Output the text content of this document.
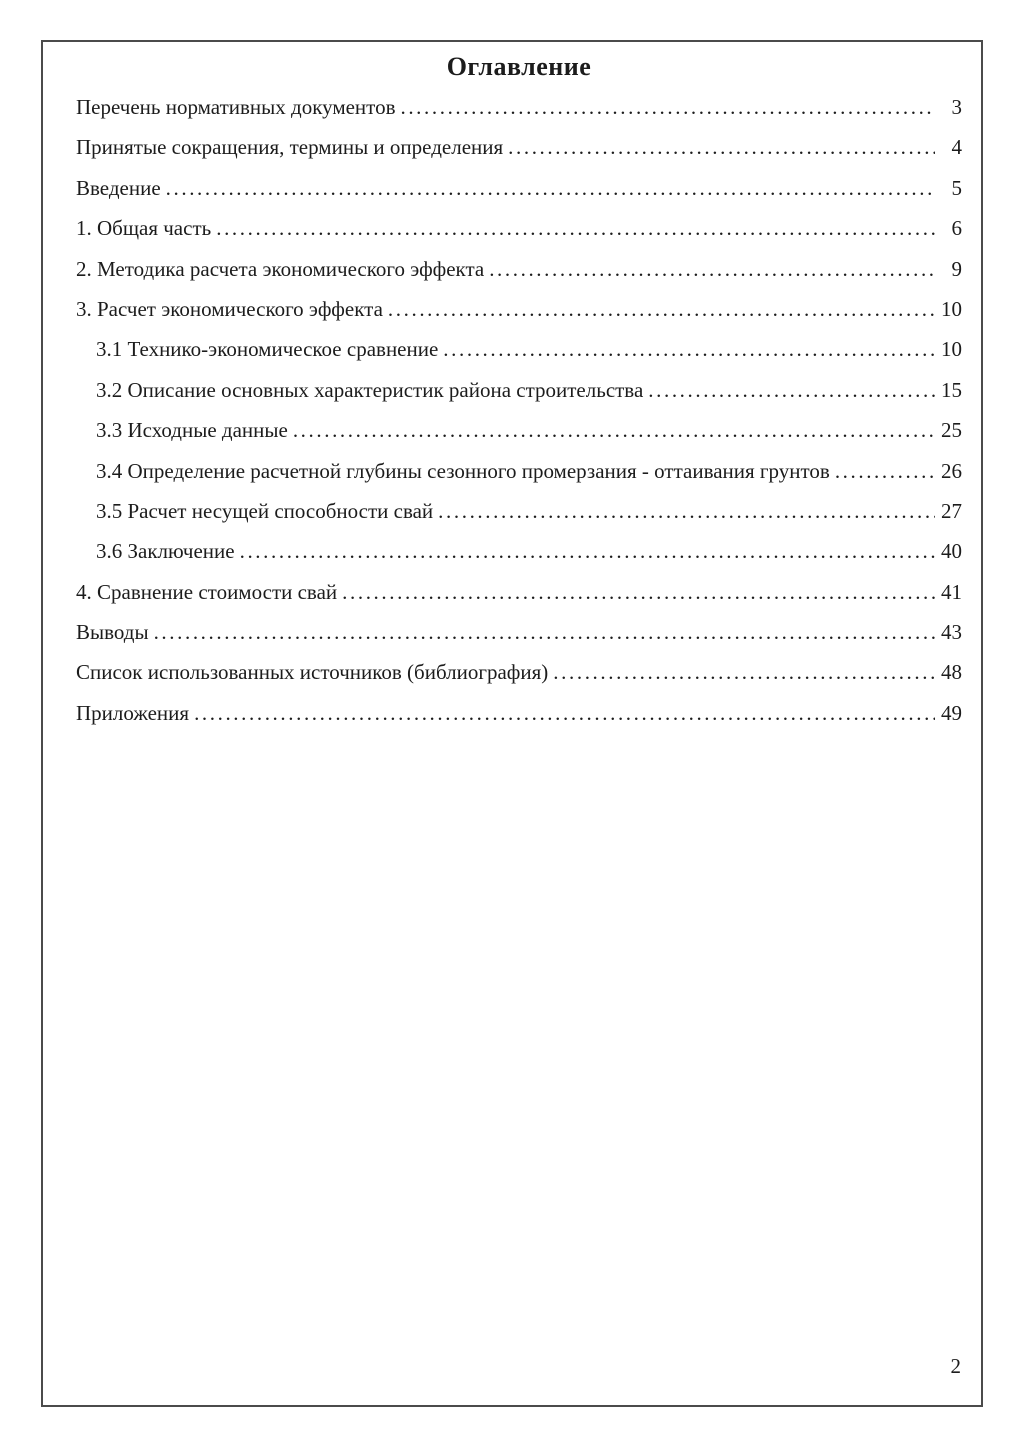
Оглавление
Перечень нормативных документов .....	3
Принятые сокращения, термины и определения .....	4
Введение .....	5
1. Общая часть .....	6
2. Методика расчета экономического эффекта .....	9
3. Расчет экономического эффекта .....	10
3.1 Технико-экономическое сравнение .....	10
3.2 Описание основных характеристик района строительства .....	15
3.3 Исходные данные .....	25
3.4 Определение расчетной глубины сезонного промерзания - оттаивания грунтов .....	26
3.5 Расчет несущей способности свай .....	27
3.6 Заключение .....	40
4. Сравнение стоимости свай .....	41
Выводы .....	43
Список использованных источников (библиография) .....	48
Приложения .....	49
2
